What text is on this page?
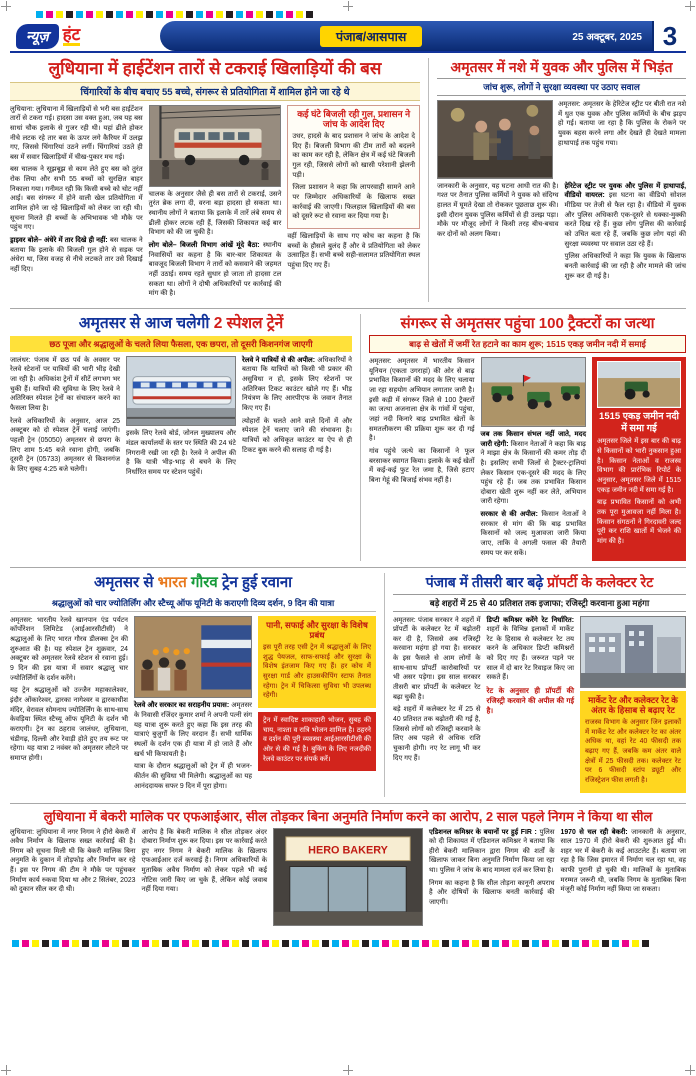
न्यूज़ हंट	पंजाब/आसपास	25 अक्टूबर, 2025 3
लुधियाना में हाईटेंशन तारों से टकराई खिलाड़ियों की बस
चिंगारियों के बीच बचाए 55 बच्चे, संगरूर से प्रतियोगिता में शामिल होने जा रहे थे

लुधियाना: लुधियाना में खिलाड़ियों से भरी बस हाईटेंशन तारों से टकरा गई। हादसा उस वक्त हुआ, जब यह बस साधां चौक इलाके से गुजर रही थी। यहां ढीले होकर नीचे लटक रहे तार बस के ऊपर लगे कैरियर में उलझ गए, जिससे चिंगारियां उठने लगीं। चिंगारियां उठते ही बस में सवार खिलाड़ियों में चीख-पुकार मच गई।

बस चालक ने सूझबूझ से काम लेते हुए बस को तुरंत रोक लिया और सभी 55 बच्चों को सुरक्षित बाहर निकाला गया। गनीमत रही कि किसी बच्चे को चोट नहीं आई। बस संगरूर में होने वाली खेल प्रतियोगिता में शामिल होने जा रहे खिलाड़ियों को लेकर जा रही थी। सूचना मिलते ही बच्चों के अभिभावक भी मौके पर पहुंच गए।

ड्राइवर बोले– अंधेरे में तार दिखे ही नहीं: बस चालक ने बताया कि इलाके की बिजली गुल होने से सड़क पर अंधेरा था, जिस वजह से नीचे लटकते तार उसे दिखाई नहीं दिए।

चालक के अनुसार जैसे ही बस तारों से टकराई, उसने तुरंत ब्रेक लगा दी, वरना बड़ा हादसा हो सकता था। स्थानीय लोगों ने बताया कि इलाके में तारें लंबे समय से ढीली होकर लटक रही हैं, जिसकी शिकायत कई बार विभाग को की जा चुकी है।

लोग बोले– बिजली विभाग आंखें मूंदे बैठा: स्थानीय निवासियों का कहना है कि बार-बार शिकायत के बावजूद बिजली विभाग ने तारों को कसवाने की जहमत नहीं उठाई। समय रहते सुधार हो जाता तो हादसा टल सकता था। लोगों ने दोषी अधिकारियों पर कार्रवाई की मांग की है।

कई घंटे बिजली रही गुल, प्रशासन ने जांच के आदेश दिए

उधर, हादसे के बाद प्रशासन ने जांच के आदेश दे दिए हैं। बिजली विभाग की टीम तारों को बदलने का काम कर रही है, लेकिन क्षेत्र में कई घंटे बिजली गुल रही, जिससे लोगों को खासी परेशानी झेलनी पड़ी।

जिला प्रशासन ने कहा कि लापरवाही सामने आने पर जिम्मेदार अधिकारियों के खिलाफ सख्त कार्रवाई की जाएगी। फिलहाल खिलाड़ियों की बस को दूसरे रूट से रवाना कर दिया गया है।

वहीं खिलाड़ियों के साथ गए कोच का कहना है कि बच्चों के हौसले बुलंद हैं और वे प्रतियोगिता को लेकर उत्साहित हैं। सभी बच्चे सही-सलामत प्रतियोगिता स्थल पहुंचा दिए गए हैं।

अमृतसर में नशे में युवक और पुलिस में भिड़ंत
जांच शुरू, लोगों ने सुरक्षा व्यवस्था पर उठाए सवाल

अमृतसर: अमृतसर के हेरिटेज स्ट्रीट पर बीती रात नशे में धुत एक युवक और पुलिस कर्मियों के बीच झड़प हो गई। बताया जा रहा है कि पुलिस के रोकने पर युवक बहस करने लगा और देखते ही देखते मामला हाथापाई तक पहुंच गया।

जानकारी के अनुसार, यह घटना आधी रात की है। गश्त पर तैनात पुलिस कर्मियों ने युवक को संदिग्ध हालत में घूमते देखा तो रोककर पूछताछ शुरू की। इसी दौरान युवक पुलिस कर्मियों से ही उलझ पड़ा। मौके पर मौजूद लोगों ने किसी तरह बीच-बचाव कर दोनों को अलग किया।

हेरिटेज स्ट्रीट पर युवक और पुलिस में हाथापाई, वीडियो वायरल: इस घटना का वीडियो सोशल मीडिया पर तेजी से फैल रहा है। वीडियो में युवक और पुलिस अधिकारी एक-दूसरे से धक्का-मुक्की करते दिख रहे हैं। कुछ लोग पुलिस की कार्रवाई को उचित बता रहे हैं, जबकि कुछ लोग यहां की सुरक्षा व्यवस्था पर सवाल उठा रहे हैं।

पुलिस अधिकारियों ने कहा कि युवक के खिलाफ बनती कार्रवाई की जा रही है और मामले की जांच शुरू कर दी गई है।

अमृतसर से आज चलेगी 2 स्पेशल ट्रेनें
छठ पूजा और श्रद्धालुओं के चलते लिया फैसला, एक छपरा, तो दूसरी किशनगंज जाएगी

जालंधर: पंजाब में छठ पर्व के अवसर पर रेलवे स्टेशनों पर यात्रियों की भारी भीड़ देखी जा रही है। अधिकांश ट्रेनों में सीटें लगभग भर चुकी हैं। यात्रियों की सुविधा के लिए रेलवे ने अतिरिक्त स्पेशल ट्रेनों का संचालन करने का फैसला लिया है।

रेलवे अधिकारियों के अनुसार, आज 25 अक्टूबर को दो स्पेशल ट्रेनें चलाई जाएंगी। पहली ट्रेन (05050) अमृतसर से छपरा के लिए शाम 5:45 बजे रवाना होगी, जबकि दूसरी ट्रेन (05733) अमृतसर से किशनगंज के लिए सुबह 4:25 बजे चलेगी।

इसके लिए रेलवे बोर्ड, जोनल मुख्यालय और मंडल कार्यालयों के स्तर पर स्थिति की 24 घंटे निगरानी रखी जा रही है। रेलवे ने अपील की है कि यात्री भीड़-भाड़ से बचने के लिए निर्धारित समय पर स्टेशन पहुंचें।

रेलवे ने यात्रियों से की अपील: अधिकारियों ने बताया कि यात्रियों को किसी भी प्रकार की असुविधा न हो, इसके लिए स्टेशनों पर अतिरिक्त टिकट काउंटर खोले गए हैं। भीड़ नियंत्रण के लिए आरपीएफ के जवान तैनात किए गए हैं।

त्योहारों के चलते आने वाले दिनों में और स्पेशल ट्रेनें चलाए जाने की संभावना है। यात्रियों को अधिकृत काउंटर या ऐप से ही टिकट बुक करने की सलाह दी गई है।

संगरूर से अमृतसर पहुंचा 100 ट्रैक्टरों का जत्था
बाढ़ से खेतों में जमीं रेत हटाने का काम शुरू; 1515 एकड़ जमीन नदी में समाई

अमृतसर: अमृतसर में भारतीय किसान यूनियन (एकता उगराहां) की ओर से बाढ़ प्रभावित किसानों की मदद के लिए चलाया जा रहा सहयोग अभियान लगातार जारी है। इसी कड़ी में संगरूर जिले से 100 ट्रैक्टरों का जत्था अजनाला क्षेत्र के गांवों में पहुंचा, जहां नदी किनारे बाढ़ प्रभावित खेतों के समतलीकरण की प्रक्रिया शुरू कर दी गई है।

गांव पहुंचे जत्थे का किसानों ने फूल बरसाकर स्वागत किया। इलाके के कई खेतों में कई-कई फुट रेत जमा है, जिसे हटाए बिना गेहूं की बिजाई संभव नहीं है।

जब तक किसान संभल नहीं जाते, मदद जारी रहेगी: किसान नेताओं ने कहा कि बाढ़ ने माझा क्षेत्र के किसानों की कमर तोड़ दी है। इसलिए सभी जिलों से ट्रैक्टर-ट्रालियां लेकर किसान एक-दूसरे की मदद के लिए पहुंच रहे हैं। जब तक प्रभावित किसान दोबारा खेती शुरू नहीं कर लेते, अभियान जारी रहेगा।

सरकार से की अपील: किसान नेताओं ने सरकार से मांग की कि बाढ़ प्रभावित किसानों को जल्द मुआवजा जारी किया जाए, ताकि वे अगली फसल की तैयारी समय पर कर सकें।

1515 एकड़ जमीन नदी में समा गई

अमृतसर जिले में इस बार की बाढ़ से किसानों को भारी नुकसान हुआ है। किसान नेताओं व राजस्व विभाग की प्रारंभिक रिपोर्ट के अनुसार, अमृतसर जिले में 1515 एकड़ जमीन नदी में समा गई है।

बाढ़ प्रभावित किसानों को अभी तक पूरा मुआवजा नहीं मिला है। किसान संगठनों ने गिरदावरी जल्द पूरी कर राशि खातों में भेजने की मांग की है।

अमृतसर से भारत गौरव ट्रेन हुई रवाना
श्रद्धालुओं को चार ज्योतिर्लिंग और स्टैच्यू ऑफ यूनिटी के कराएगी दिव्य दर्शन, 9 दिन की यात्रा

अमृतसर: भारतीय रेलवे खानपान एंड पर्यटन कॉर्पोरेशन लिमिटेड (आईआरसीटीसी) ने श्रद्धालुओं के लिए भारत गौरव डीलक्स ट्रेन की शुरुआत की है। यह स्पेशल ट्रेन शुक्रवार, 24 अक्टूबर को अमृतसर रेलवे स्टेशन से रवाना हुई। 9 दिन की इस यात्रा में सवार श्रद्धालु चार ज्योतिर्लिंगों के दर्शन करेंगे।

यह ट्रेन श्रद्धालुओं को उज्जैन महाकालेश्वर, इंदौर ओंकारेश्वर, द्वारका नागेश्वर व द्वारकाधीश मंदिर, वेरावल सोमनाथ ज्योतिर्लिंग के साथ-साथ केवड़िया स्थित स्टैच्यू ऑफ यूनिटी के दर्शन भी कराएगी। ट्रेन का ठहराव जालंधर, लुधियाना, चंडीगढ़, दिल्ली और रेवाड़ी होते हुए तय रूट पर रहेगा। यह यात्रा 2 नवंबर को अमृतसर लौटने पर समाप्त होगी।

रेलवे और सरकार का सराहनीय प्रयास: अमृतसर के निवासी रजिंदर कुमार शर्मा ने अपनी पत्नी संग यह यात्रा शुरू करते हुए कहा कि इस तरह की यात्राएं बुजुर्गों के लिए वरदान हैं। सभी धार्मिक स्थलों के दर्शन एक ही यात्रा में हो जाते हैं और खर्च भी किफायती है।

यात्रा के दौरान श्रद्धालुओं को ट्रेन में ही भजन-कीर्तन की सुविधा भी मिलेगी। श्रद्धालुओं का यह आनंददायक सफर 9 दिन में पूरा होगा।

पानी, सफाई और सुरक्षा के विशेष प्रबंध

इस पूरी तरह एसी ट्रेन में श्रद्धालुओं के लिए शुद्ध पेयजल, साफ-सफाई और सुरक्षा के विशेष इंतजाम किए गए हैं। हर कोच में सुरक्षा गार्ड और हाउसकीपिंग स्टाफ तैनात रहेगा। ट्रेन में चिकित्सा सुविधा भी उपलब्ध रहेगी।

ट्रेन में स्वादिष्ट शाकाहारी भोजन, सुबह की चाय, नाश्ता व रात्रि भोजन शामिल है। ठहरने व दर्शन की पूरी व्यवस्था आईआरसीटीसी की ओर से की गई है। बुकिंग के लिए नजदीकी रेलवे काउंटर पर संपर्क करें।

पंजाब में तीसरी बार बढ़े प्रॉपर्टी के कलेक्टर रेट
बड़े शहरों में 25 से 40 प्रतिशत तक इजाफा; रजिस्ट्री करवाना हुआ महंगा

अमृतसर: पंजाब सरकार ने शहरों में प्रॉपर्टी के कलेक्टर रेट में बढ़ोतरी कर दी है, जिससे अब रजिस्ट्री करवाना महंगा हो गया है। सरकार के इस फैसले से आम लोगों के साथ-साथ प्रॉपर्टी कारोबारियों पर भी असर पड़ेगा। इस साल सरकार तीसरी बार प्रॉपर्टी के कलेक्टर रेट बढ़ा चुकी है।

बड़े शहरों में कलेक्टर रेट में 25 से 40 प्रतिशत तक बढ़ोतरी की गई है, जिससे लोगों को रजिस्ट्री करवाने के लिए अब पहले से अधिक राशि चुकानी होगी। नए रेट लागू भी कर दिए गए हैं।

डिप्टी कमिश्नर करेंगे रेट निर्धारित: शहरों के विभिन्न इलाकों में मार्केट रेट के हिसाब से कलेक्टर रेट तय करने के अधिकार डिप्टी कमिश्नरों को दिए गए हैं। जरूरत पड़ने पर साल में दो बार रेट रिवाइज किए जा सकते हैं।

रेट के अनुसार ही प्रॉपर्टी की रजिस्ट्री करवाने की अपील की गई है।
मार्केट रेट और कलेक्टर रेट के अंतर के हिसाब से बढ़ाए रेट

राजस्व विभाग के अनुसार जिन इलाकों में मार्केट रेट और कलेक्टर रेट का अंतर अधिक था, वहां रेट 40 फीसदी तक बढ़ाए गए हैं, जबकि कम अंतर वाले क्षेत्रों में 25 फीसदी तक। कलेक्टर रेट पर 6 फीसदी स्टांप ड्यूटी और रजिस्ट्रेशन फीस लगती है।

लुधियाना में बेकरी मालिक पर एफआईआर, सील तोड़कर बिना अनुमति निर्माण करने का आरोप, 2 साल पहले निगम ने किया था सील

लुधियाना: लुधियाना में नगर निगम ने हीरो बेकरी में अवैध निर्माण के खिलाफ सख्त कार्रवाई की है। निगम को सूचना मिली थी कि बेकरी मालिक बिना अनुमति के दुकान में तोड़फोड़ और निर्माण कर रहे हैं। इस पर निगम की टीम ने मौके पर पहुंचकर निर्माण कार्य रुकवा दिया था और 2 सितंबर, 2023 को दुकान सील कर दी थी।

आरोप है कि बेकरी मालिक ने सील तोड़कर अंदर दोबारा निर्माण शुरू कर दिया। इस पर कार्रवाई करते हुए नगर निगम ने बेकरी मालिक के खिलाफ एफआईआर दर्ज करवाई है। निगम अधिकारियों के मुताबिक अवैध निर्माण को लेकर पहले भी कई नोटिस जारी किए जा चुके हैं, लेकिन कोई जवाब नहीं दिया गया।

HERO BAKERY

एडिशनल कमिश्नर के बयानों पर हुई FIR : पुलिस को दी शिकायत में एडिशनल कमिश्नर ने बताया कि हीरो बेकरी मालिकान द्वारा निगम की शर्तों के खिलाफ जाकर बिना अनुमति निर्माण किया जा रहा था। पुलिस ने जांच के बाद मामला दर्ज कर लिया है।

निगम का कहना है कि सील तोड़ना कानूनी अपराध है और दोषियों के खिलाफ बनती कार्रवाई की जाएगी।

1970 से चल रही बेकरी: जानकारी के अनुसार, साल 1970 में हीरो बेकरी की शुरुआत हुई थी। शहर भर में बेकरी के कई आउटलेट हैं। बताया जा रहा है कि जिस इमारत में निर्माण चल रहा था, वह काफी पुरानी हो चुकी थी। मालिकों के मुताबिक मरम्मत जरूरी थी, जबकि निगम के मुताबिक बिना मंजूरी कोई निर्माण नहीं किया जा सकता।
